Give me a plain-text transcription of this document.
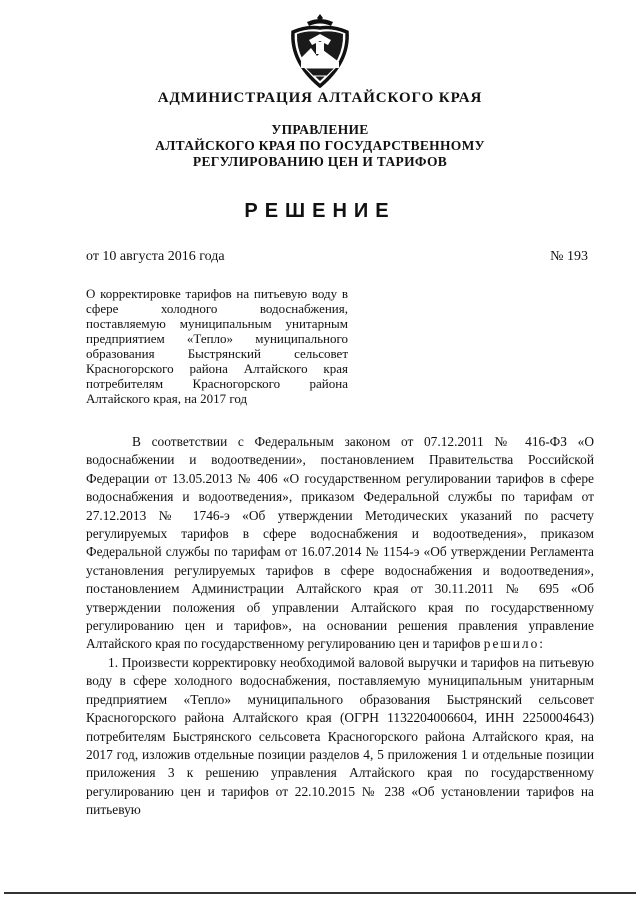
АДМИНИСТРАЦИЯ АЛТАЙСКОГО КРАЯ
УПРАВЛЕНИЕ
АЛТАЙСКОГО КРАЯ ПО ГОСУДАРСТВЕННОМУ
РЕГУЛИРОВАНИЮ ЦЕН И ТАРИФОВ
РЕШЕНИЕ
от 10 августа 2016 года	№ 193
О корректировке тарифов на питьевую воду в сфере холодного водоснабжения, поставляемую муниципальным унитарным предприятием «Тепло» муниципального образования Быстрянский сельсовет Красногорского района Алтайского края потребителям Красногорского района Алтайского края, на 2017 год

В соответствии с Федеральным законом от 07.12.2011 № 416-ФЗ «О водоснабжении и водоотведении», постановлением Правительства Российской Федерации от 13.05.2013 № 406 «О государственном регулировании тарифов в сфере водоснабжения и водоотведения», приказом Федеральной службы по тарифам от 27.12.2013 № 1746-э «Об утверждении Методических указаний по расчету регулируемых тарифов в сфере водоснабжения и водоотведения», приказом Федеральной службы по тарифам от 16.07.2014 № 1154-э «Об утверждении Регламента установления регулируемых тарифов в сфере водоснабжения и водоотведения», постановлением Администрации Алтайского края от 30.11.2011 № 695 «Об утверждении положения об управлении Алтайского края по государственному регулированию цен и тарифов», на основании решения правления управление Алтайского края по государственному регулированию цен и тарифов решило:

1. Произвести корректировку необходимой валовой выручки и тарифов на питьевую воду в сфере холодного водоснабжения, поставляемую муниципальным унитарным предприятием «Тепло» муниципального образования Быстрянский сельсовет Красногорского района Алтайского края (ОГРН 1132204006604, ИНН 2250004643) потребителям Быстрянского сельсовета Красногорского района Алтайского края, на 2017 год, изложив отдельные позиции разделов 4, 5 приложения 1 и отдельные позиции приложения 3 к решению управления Алтайского края по государственному регулированию цен и тарифов от 22.10.2015 № 238 «Об установлении тарифов на питьевую
